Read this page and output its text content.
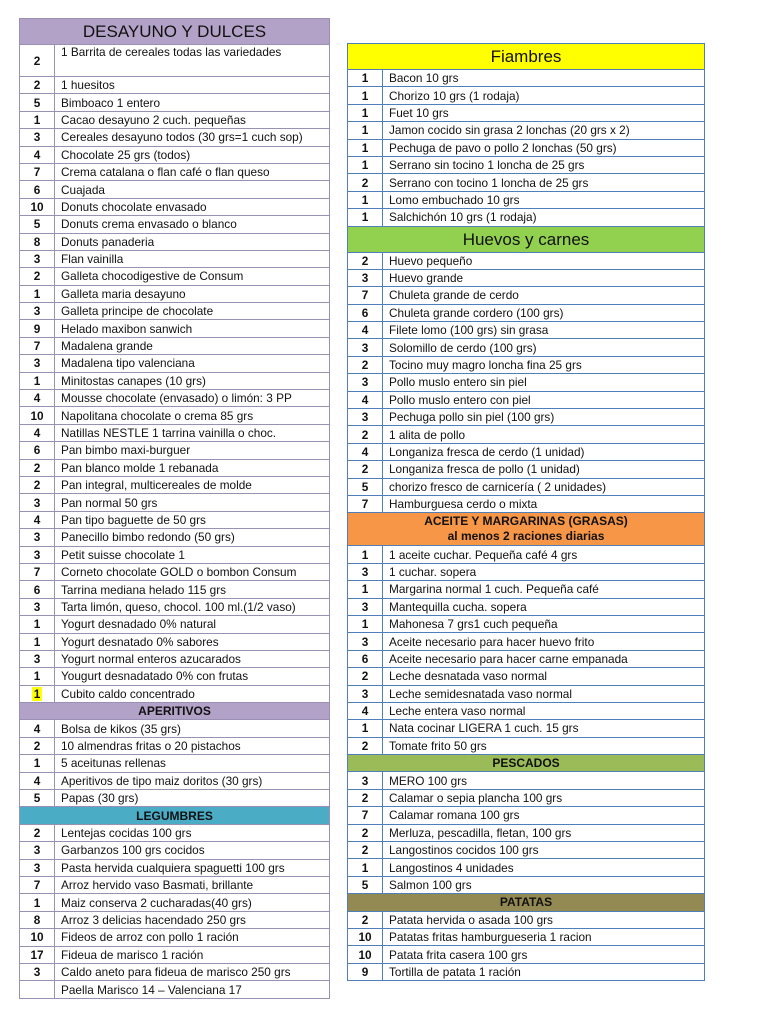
DESAYUNO Y DULCES	

2	1 Barrita de cereales todas las variedades
2	1 huesitos
5	Bimboaco 1 entero
1	Cacao desayuno 2 cuch. pequeñas
3	Cereales desayuno todos (30 grs=1 cuch sop)
4	Chocolate 25 grs (todos)
7	Crema catalana o flan café o flan queso
6	Cuajada
10	Donuts chocolate envasado
5	Donuts crema envasado o blanco
8	Donuts panaderia
3	Flan vainilla
2	Galleta chocodigestive de Consum
1	Galleta maria desayuno
3	Galleta principe de chocolate
9	Helado maxibon sanwich
7	Madalena grande
3	Madalena tipo valenciana
1	Minitostas canapes (10 grs)
4	Mousse chocolate (envasado) o limón: 3 PP
10	Napolitana chocolate o crema 85 grs
4	Natillas NESTLE 1 tarrina vainilla o choc.
6	Pan bimbo maxi-burguer
2	Pan blanco molde 1 rebanada
2	Pan integral, multicereales de molde
3	Pan normal 50 grs
4	Pan tipo baguette de 50 grs
3	Panecillo bimbo redondo (50 grs)
3	Petit suisse chocolate 1
7	Corneto chocolate GOLD o bombon Consum
6	Tarrina mediana helado 115 grs
3	Tarta limón, queso, chocol. 100 ml.(1/2 vaso)
1	Yogurt desnadado 0% natural
1	Yogurt desnatado 0% sabores
3	Yogurt normal enteros azucarados
1	Yougurt desnadatado 0% con frutas
1	Cubito caldo concentrado

APERITIVOS	

4	Bolsa de kikos (35 grs)
2	10 almendras fritas o 20 pistachos
1	5 aceitunas rellenas
4	Aperitivos de tipo maiz doritos (30 grs)
5	Papas (30 grs)

LEGUMBRES	

2	Lentejas cocidas 100 grs
3	Garbanzos 100 grs cocidos
3	Pasta hervida cualquiera spaguetti 100 grs
7	Arroz hervido vaso Basmati, brillante
1	Maiz conserva 2 cucharadas(40 grs)
8	Arroz 3 delicias hacendado 250 grs
10	Fideos de arroz con pollo 1 ración
17	Fideua de marisco 1 ración
3	Caldo aneto para fideua de marisco 250 grs
	Paella Marisco 14 – Valenciana 17
Fiambres	

1	Bacon 10 grs
1	Chorizo 10 grs (1 rodaja)
1	Fuet 10 grs
1	Jamon cocido sin grasa 2 lonchas (20 grs x 2)
1	Pechuga de pavo o pollo 2 lonchas (50 grs)
1	Serrano sin tocino 1 loncha de 25 grs
2	Serrano con tocino 1 loncha de 25 grs
1	Lomo embuchado 10 grs
1	Salchichón 10 grs (1 rodaja)

Huevos y carnes	

2	Huevo pequeño
3	Huevo grande
7	Chuleta grande de cerdo
6	Chuleta grande cordero (100 grs)
4	Filete lomo (100 grs) sin grasa
3	Solomillo de cerdo (100 grs)
2	Tocino muy magro loncha fina 25 grs
3	Pollo muslo entero sin piel
4	Pollo muslo entero con piel
3	Pechuga pollo sin piel (100 grs)
2	1 alita de pollo
4	Longaniza fresca de cerdo (1 unidad)
2	Longaniza fresca de pollo (1 unidad)
5	chorizo fresco de carnicería ( 2 unidades)
7	Hamburguesa cerdo o mixta

ACEITE Y MARGARINAS (GRASAS)
al menos 2 raciones diarias	

1	1 aceite cuchar. Pequeña café 4 grs
3	1 cuchar. sopera
1	Margarina normal 1 cuch. Pequeña café
3	Mantequilla cucha. sopera
1	Mahonesa 7 grs1 cuch pequeña
3	Aceite necesario para hacer huevo frito
6	Aceite necesario para hacer carne empanada
2	Leche desnatada vaso normal
3	Leche semidesnatada vaso normal
4	Leche entera vaso normal
1	Nata cocinar LIGERA 1 cuch. 15 grs
2	Tomate frito 50 grs

PESCADOS	

3	MERO 100 grs
2	Calamar o sepia plancha 100 grs
7	Calamar romana 100 grs
2	Merluza, pescadilla, fletan, 100 grs
2	Langostinos cocidos 100 grs
1	Langostinos 4 unidades
5	Salmon 100 grs

PATATAS	

2	Patata hervida o asada 100 grs
10	Patatas fritas hamburgueseria 1 racion
10	Patata frita casera 100 grs
9	Tortilla de patata 1 ración
